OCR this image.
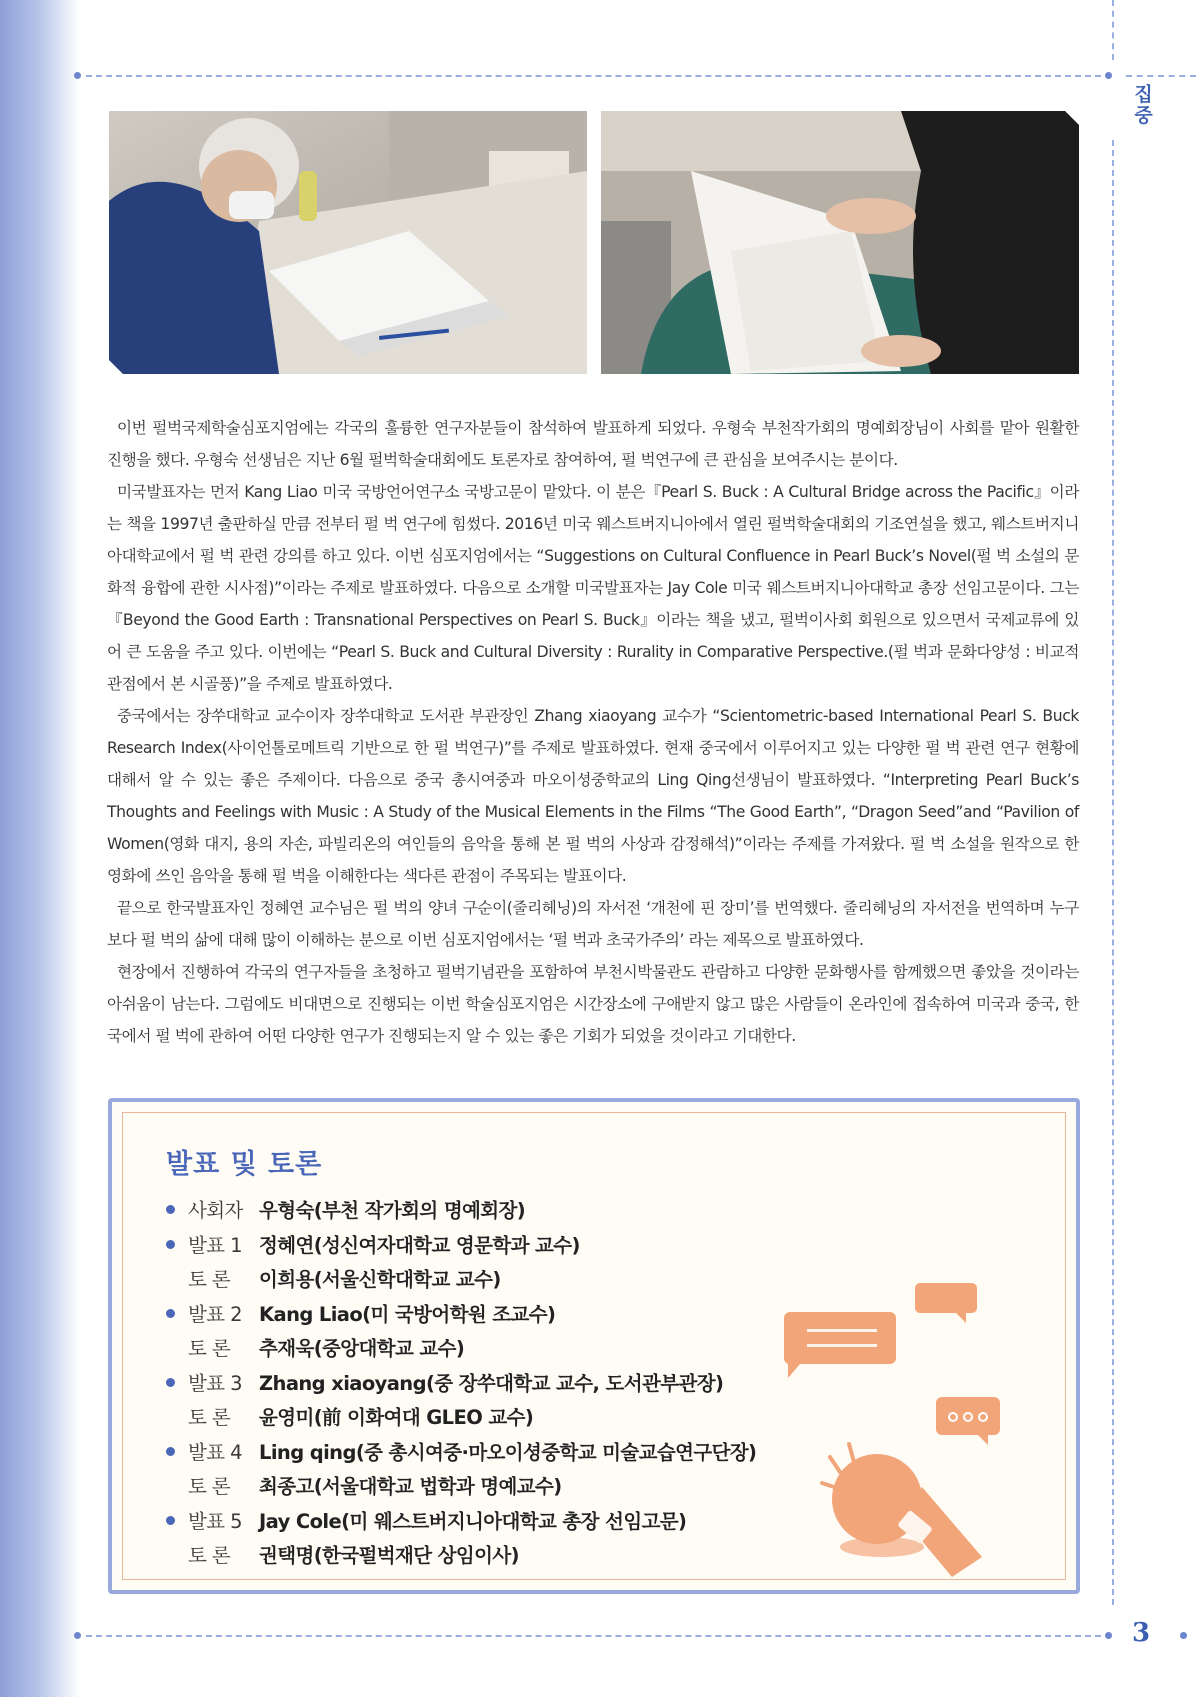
집중
3

이번 펄벅국제학술심포지엄에는 각국의 훌륭한 연구자분들이 참석하여 발표하게 되었다. 우형숙 부천작가회의 명예회장님이 사회를 맡아 원활한 진행을 했다. 우형숙 선생님은 지난 6월 펄벅학술대회에도 토론자로 참여하여, 펄 벅연구에 큰 관심을 보여주시는 분이다.

미국발표자는 먼저 Kang Liao 미국 국방언어연구소 국방고문이 맡았다. 이 분은『Pearl S. Buck : A Cultural Bridge across the Pacific』이라는 책을 1997년 출판하실 만큼 전부터 펄 벅 연구에 힘썼다. 2016년 미국 웨스트버지니아에서 열린 펄벅학술대회의 기조연설을 했고, 웨스트버지니아대학교에서 펄 벅 관련 강의를 하고 있다. 이번 심포지엄에서는 “Suggestions on Cultural Confluence in Pearl Buck’s Novel(펄 벅 소설의 문화적 융합에 관한 시사점)”이라는 주제로 발표하였다. 다음으로 소개할 미국발표자는 Jay Cole 미국 웨스트버지니아대학교 총장 선임고문이다. 그는『Beyond the Good Earth : Transnational Perspectives on Pearl S. Buck』이라는 책을 냈고, 펄벅이사회 회원으로 있으면서 국제교류에 있어 큰 도움을 주고 있다. 이번에는 “Pearl S. Buck and Cultural Diversity : Rurality in Comparative Perspective.(펄 벅과 문화다양성 : 비교적 관점에서 본 시골풍)”을 주제로 발표하였다.

중국에서는 장쑤대학교 교수이자 장쑤대학교 도서관 부관장인 Zhang xiaoyang 교수가 “Scientometric-based International Pearl S. Buck Research Index(사이언톨로메트릭 기반으로 한 펄 벅연구)”를 주제로 발표하였다. 현재 중국에서 이루어지고 있는 다양한 펄 벅 관련 연구 현황에 대해서 알 수 있는 좋은 주제이다. 다음으로 중국 총시여중과 마오이셩중학교의 Ling Qing선생님이 발표하였다. “Interpreting Pearl Buck’s Thoughts and Feelings with Music : A Study of the Musical Elements in the Films “The Good Earth”, “Dragon Seed”and “Pavilion of Women(영화 대지, 용의 자손, 파빌리온의 여인들의 음악을 통해 본 펄 벅의 사상과 감정해석)”이라는 주제를 가져왔다. 펄 벅 소설을 원작으로 한 영화에 쓰인 음악을 통해 펄 벅을 이해한다는 색다른 관점이 주목되는 발표이다.

끝으로 한국발표자인 정혜연 교수님은 펄 벅의 양녀 구순이(줄리헤닝)의 자서전 ‘개천에 핀 장미’를 번역했다. 줄리헤닝의 자서전을 번역하며 누구보다 펄 벅의 삶에 대해 많이 이해하는 분으로 이번 심포지엄에서는 ‘펄 벅과 초국가주의’ 라는 제목으로 발표하였다.

현장에서 진행하여 각국의 연구자들을 초청하고 펄벅기념관을 포함하여 부천시박물관도 관람하고 다양한 문화행사를 함께했으면 좋았을 것이라는 아쉬움이 남는다. 그럼에도 비대면으로 진행되는 이번 학술심포지엄은 시간장소에 구애받지 않고 많은 사람들이 온라인에 접속하여 미국과 중국, 한국에서 펄 벅에 관하여 어떤 다양한 연구가 진행되는지 알 수 있는 좋은 기회가 되었을 것이라고 기대한다.

발표 및 토론
사회자 우형숙(부천 작가회의 명예회장)
발표 1 정혜연(성신여자대학교 영문학과 교수)
토 론 이희용(서울신학대학교 교수)
발표 2 Kang Liao(미 국방어학원 조교수)
토 론 추재욱(중앙대학교 교수)
발표 3 Zhang xiaoyang(중 장쑤대학교 교수, 도서관부관장)
토 론 윤영미(前 이화여대 GLEO 교수)
발표 4 Ling qing(중 총시여중·마오이셩중학교 미술교습연구단장)
토 론 최종고(서울대학교 법학과 명예교수)
발표 5 Jay Cole(미 웨스트버지니아대학교 총장 선임고문)
토 론 권택명(한국펄벅재단 상임이사)
